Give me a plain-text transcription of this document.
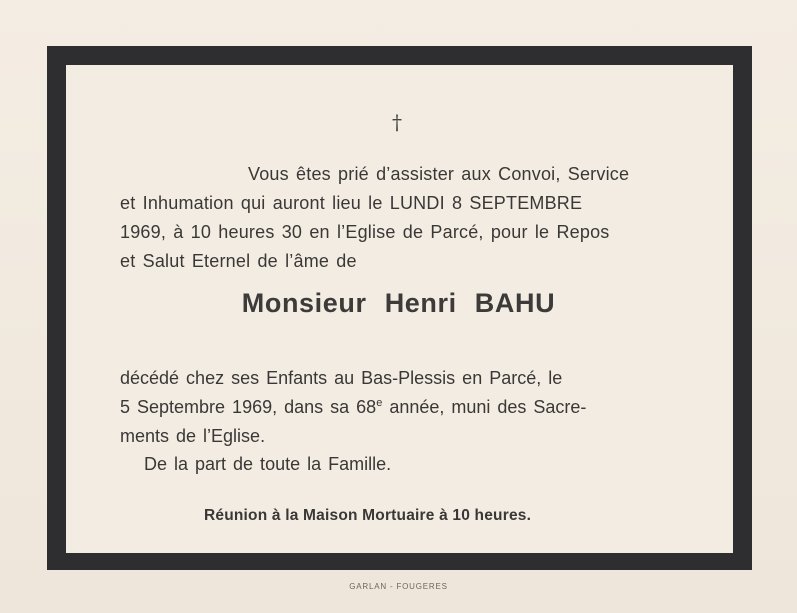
†
Vous êtes prié d’assister aux Convoi, Service
et Inhumation qui auront lieu le LUNDI 8 SEPTEMBRE
1969, à 10 heures 30 en l’Eglise de Parcé, pour le Repos
et Salut Eternel de l’âme de
Monsieur Henri BAHU
décédé chez ses Enfants au Bas-Plessis en Parcé, le
5 Septembre 1969, dans sa 68e année, muni des Sacre-
ments de l’Eglise.
De la part de toute la Famille.
Réunion à la Maison Mortuaire à 10 heures.
GARLAN - FOUGERES
